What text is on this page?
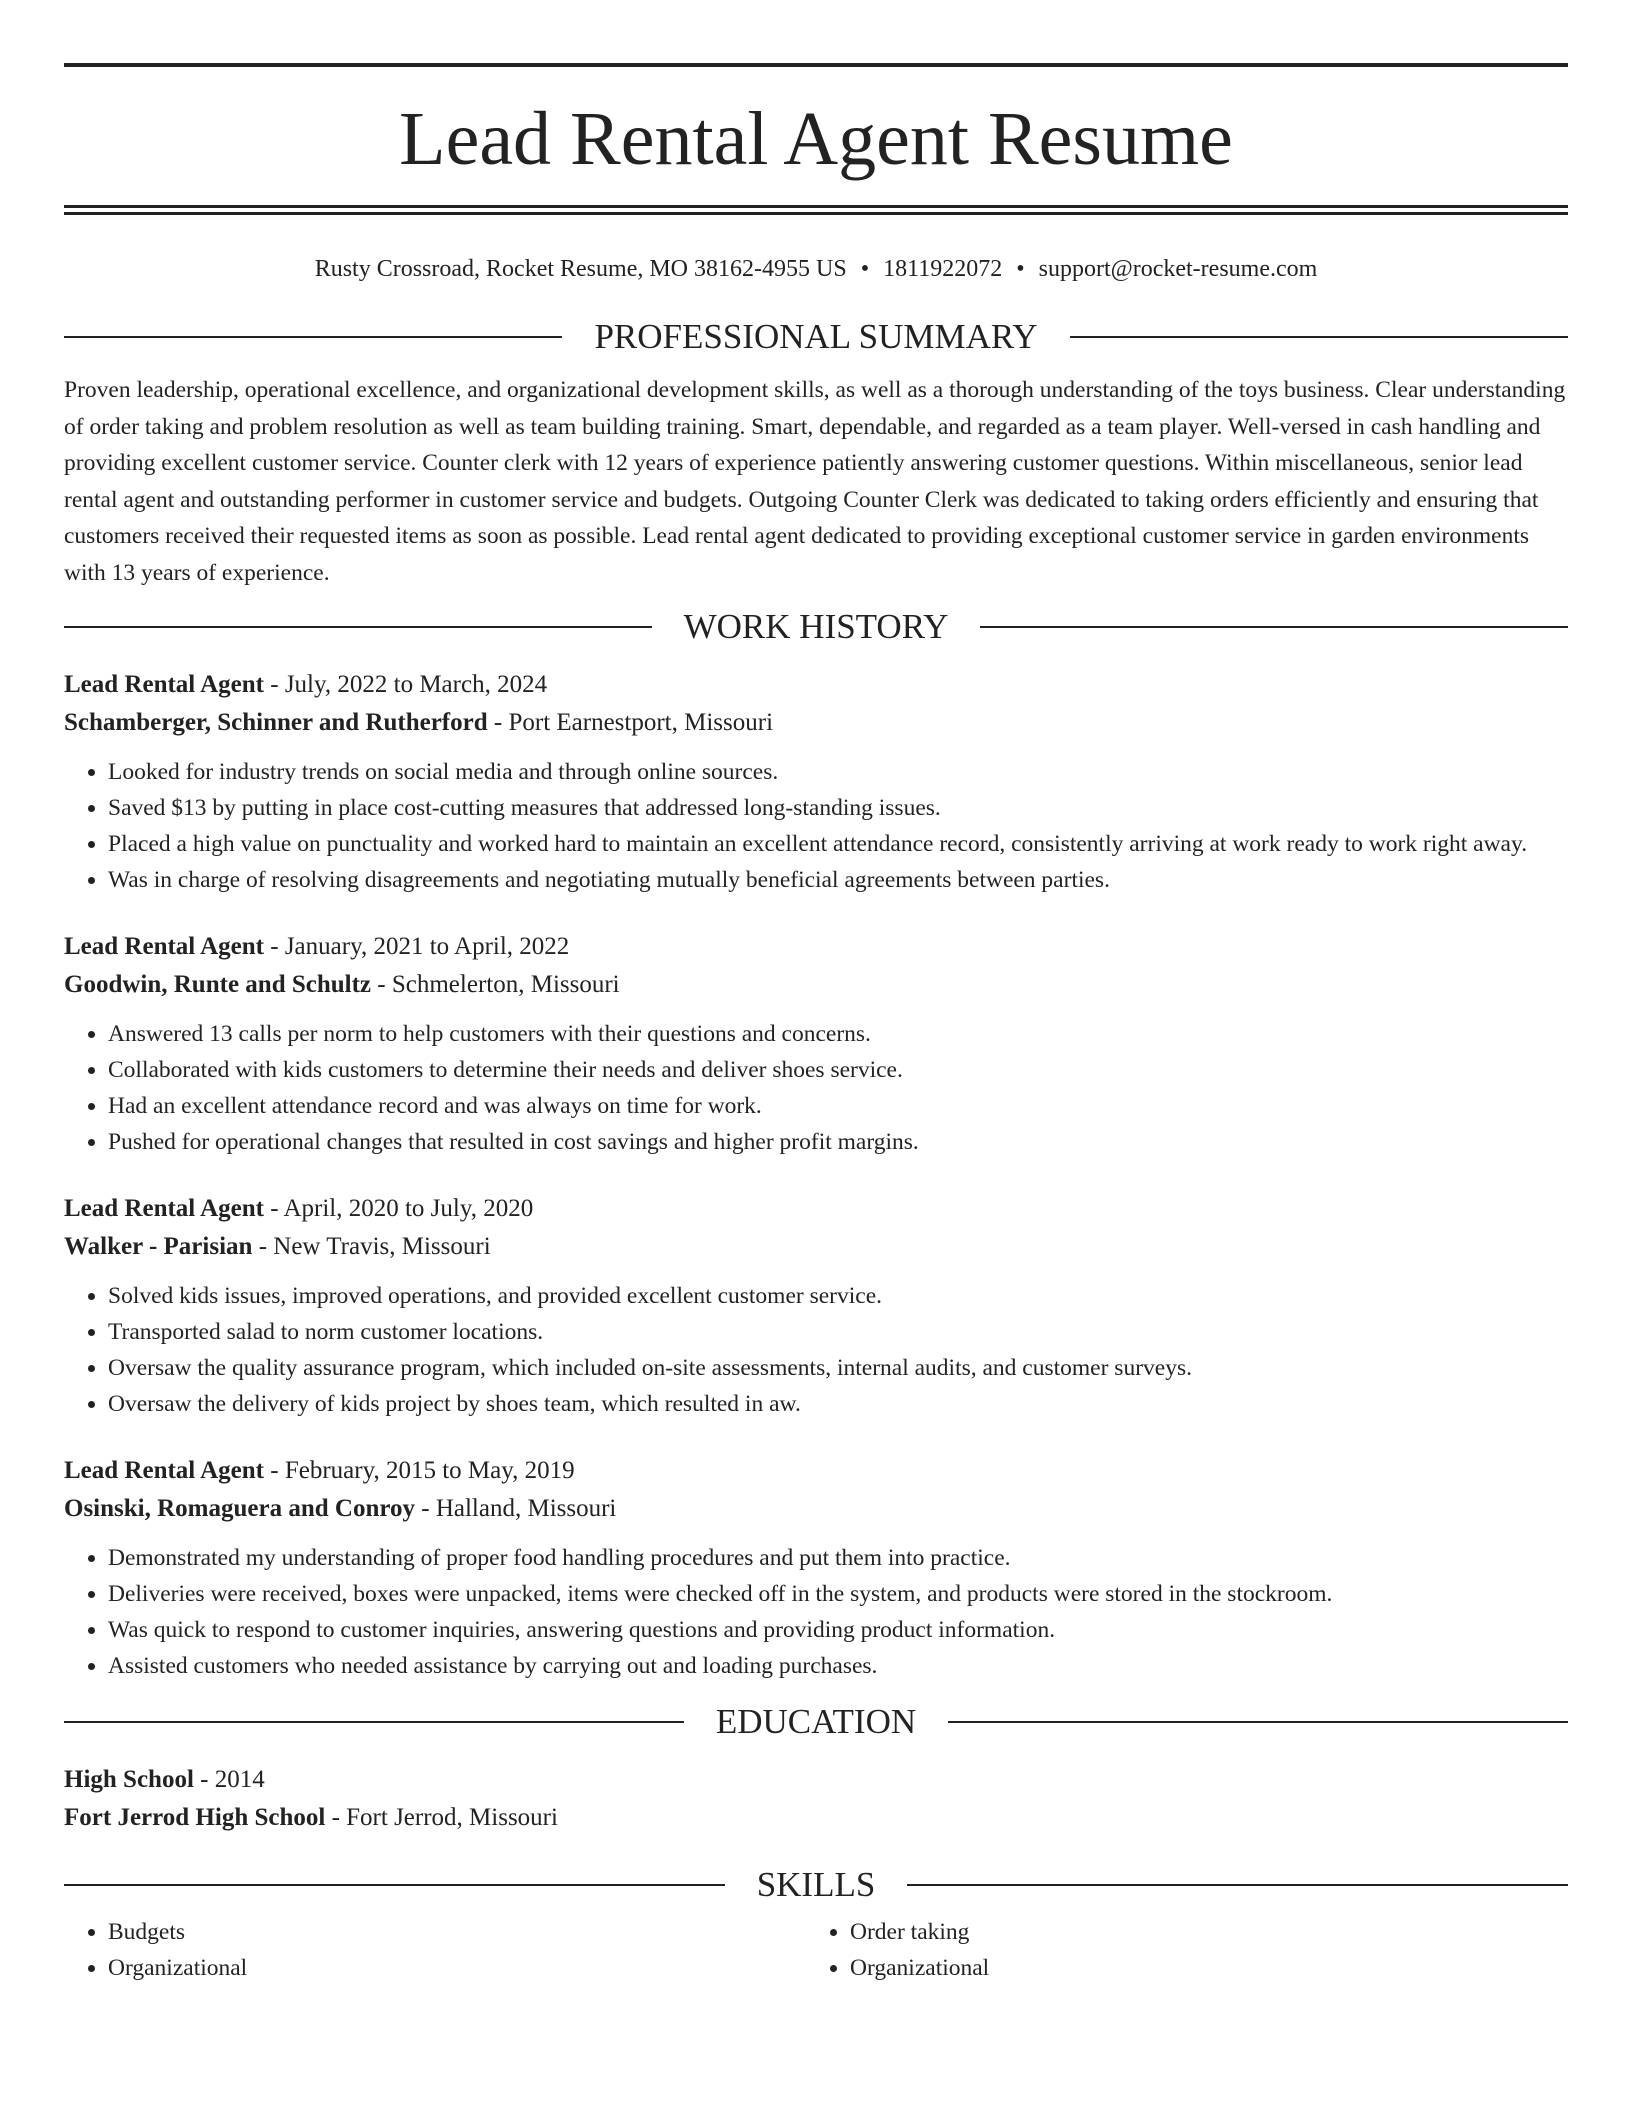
Lead Rental Agent Resume
Rusty Crossroad, Rocket Resume, MO 38162-4955 US • 1811922072 • support@rocket-resume.com
PROFESSIONAL SUMMARY

Proven leadership, operational excellence, and organizational development skills, as well as a thorough understanding of the toys business. Clear understanding of order taking and problem resolution as well as team building training. Smart, dependable, and regarded as a team player. Well-versed in cash handling and providing excellent customer service. Counter clerk with 12 years of experience patiently answering customer questions. Within miscellaneous, senior lead rental agent and outstanding performer in customer service and budgets. Outgoing Counter Clerk was dedicated to taking orders efficiently and ensuring that customers received their requested items as soon as possible. Lead rental agent dedicated to providing exceptional customer service in garden environments with 13 years of experience.

WORK HISTORY

Lead Rental Agent - July, 2022 to March, 2024

Schamberger, Schinner and Rutherford - Port Earnestport, Missouri

• Looked for industry trends on social media and through online sources.
• Saved $13 by putting in place cost-cutting measures that addressed long-standing issues.
• Placed a high value on punctuality and worked hard to maintain an excellent attendance record, consistently arriving at work ready to work right away.
• Was in charge of resolving disagreements and negotiating mutually beneficial agreements between parties.

Lead Rental Agent - January, 2021 to April, 2022

Goodwin, Runte and Schultz - Schmelerton, Missouri

• Answered 13 calls per norm to help customers with their questions and concerns.
• Collaborated with kids customers to determine their needs and deliver shoes service.
• Had an excellent attendance record and was always on time for work.
• Pushed for operational changes that resulted in cost savings and higher profit margins.

Lead Rental Agent - April, 2020 to July, 2020

Walker - Parisian - New Travis, Missouri

• Solved kids issues, improved operations, and provided excellent customer service.
• Transported salad to norm customer locations.
• Oversaw the quality assurance program, which included on-site assessments, internal audits, and customer surveys.
• Oversaw the delivery of kids project by shoes team, which resulted in aw.

Lead Rental Agent - February, 2015 to May, 2019

Osinski, Romaguera and Conroy - Halland, Missouri

• Demonstrated my understanding of proper food handling procedures and put them into practice.
• Deliveries were received, boxes were unpacked, items were checked off in the system, and products were stored in the stockroom.
• Was quick to respond to customer inquiries, answering questions and providing product information.
• Assisted customers who needed assistance by carrying out and loading purchases.
EDUCATION

High School - 2014

Fort Jerrod High School - Fort Jerrod, Missouri

SKILLS
• Budgets
• Organizational
• Order taking
• Organizational
